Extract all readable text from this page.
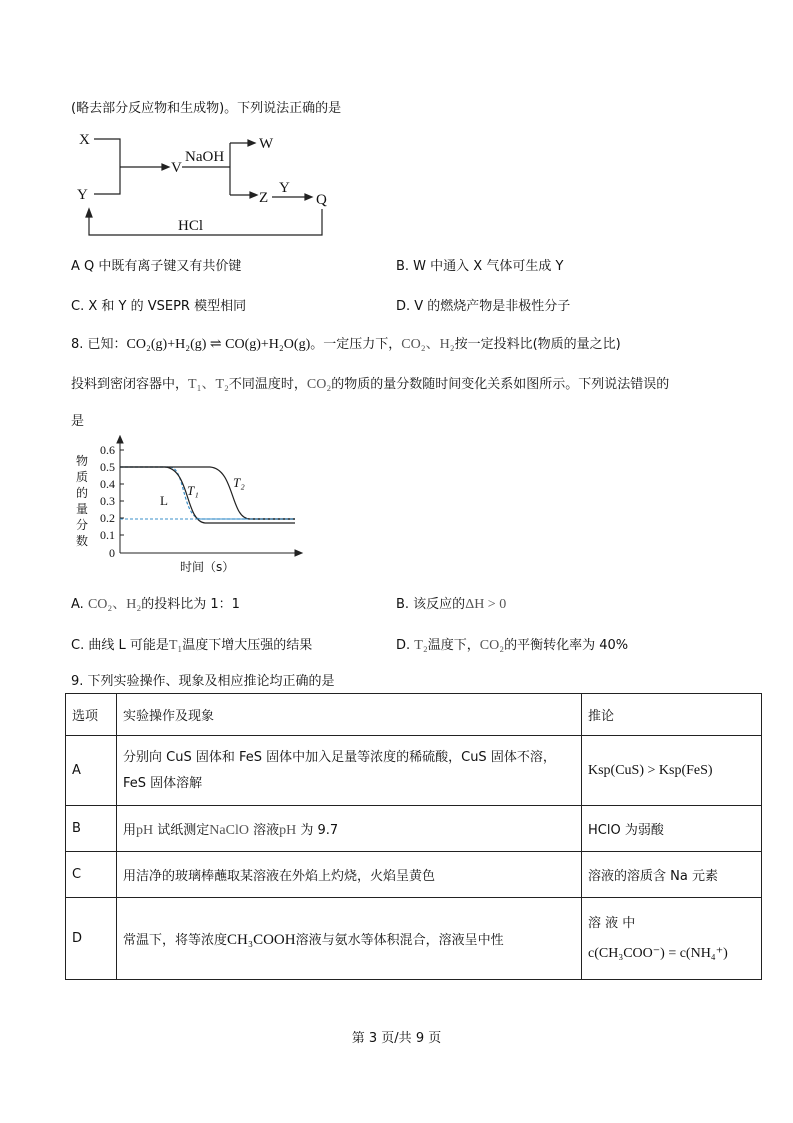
(略去部分反应物和生成物)。下列说法正确的是
X
Y
V
NaOH
W
Z
Y
Q
HCl
A Q 中既有离子键又有共价键	B. W 中通入 X 气体可生成 Y
C. X 和 Y 的 VSEPR 模型相同	D. V 的燃烧产物是非极性分子
8. 已知：CO₂(g)+H₂(g) ⇌ CO(g)+H₂O(g)。一定压力下，CO₂、H₂按一定投料比(物质的量之比)
投料到密闭容器中，T₁、T₂不同温度时，CO₂的物质的量分数随时间变化关系如图所示。下列说法错误的
是
0.6
0.5
0.4
0.3
0.2
0.1
0
物
质
的
量
分
数
时间（s）
L
T₁
T₂
A. CO₂、H₂的投料比为 1：1	B. 该反应的ΔH > 0
C. 曲线 L 可能是T₁温度下增大压强的结果	D. T₂温度下，CO₂的平衡转化率为 40%
9. 下列实验操作、现象及相应推论均正确的是
选项	实验操作及现象	推论
A	分别向 CuS 固体和 FeS 固体中加入足量等浓度的稀硫酸，CuS 固体不溶，
FeS 固体溶解	Ksp(CuS) > Ksp(FeS)
B	用pH 试纸测定NaClO 溶液pH 为 9.7	HClO 为弱酸
C	用洁净的玻璃棒蘸取某溶液在外焰上灼烧，火焰呈黄色	溶液的溶质含 Na 元素
D	常温下，将等浓度CH₃COOH溶液与氨水等体积混合，溶液呈中性	溶 液 中
c(CH₃COO⁻) = c(NH₄⁺)
第 3 页/共 9 页
